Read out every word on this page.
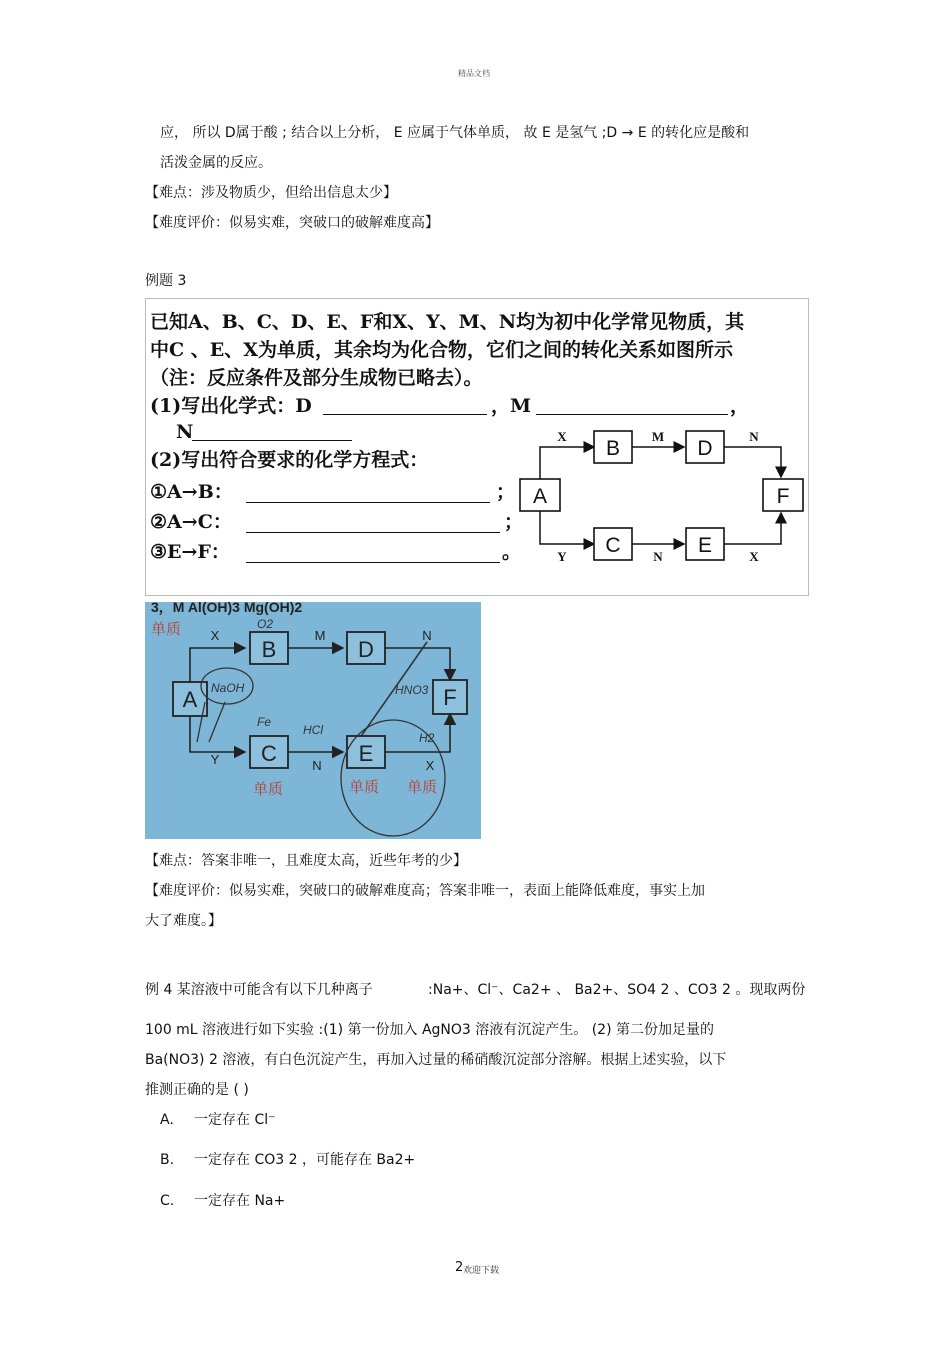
精品文档
应， 所以 D属于酸 ; 结合以上分析， E 应属于气体单质， 故 E 是氢气 ;D → E 的转化应是酸和
活泼金属的反应。
【难点：涉及物质少，但给出信息太少】
【难度评价：似易实难，突破口的破解难度高】
例题 3
已知A、B、C、D、E、F和X、Y、M、N均为初中化学常见物质，其
中C 、E、X为单质，其余均为化合物，它们之间的转化关系如图所示
（注：反应条件及部分生成物已略去）。
(1)写出化学式：D	，M	，
N
(2)写出符合要求的化学方程式：
①A→B：	；
②A→C：	；
③E→F：	。
A
B	D
F
C	E
X	M	N
Y	N	X
3，M Al(OH)3 Mg(OH)2
A
B	D
F
C	E
X	M	N
Y	N	X
单质
单质	单质 单质
Fe
HCl
H2
HNO3
NaOH
O2
【难点：答案非唯一，且难度太高，近些年考的少】
【难度评价：似易实难，突破口的破解难度高；答案非唯一，表面上能降低难度，事实上加
大了难度。】
例 4 某溶液中可能含有以下几种离子	:Na+、Cl⁻、Ca2+ 、 Ba2+、SO4 2 、CO3 2 。现取两份
100 mL 溶液进行如下实验 :(1) 第一份加入 AgNO3 溶液有沉淀产生。 (2) 第二份加足量的
Ba(NO3) 2 溶液，有白色沉淀产生，再加入过量的稀硝酸沉淀部分溶解。根据上述实验，以下
推测正确的是 ( )
A. 一定存在 Cl⁻
B. 一定存在 CO3 2 ，可能存在 Ba2+
C. 一定存在 Na+
2 欢迎下载
